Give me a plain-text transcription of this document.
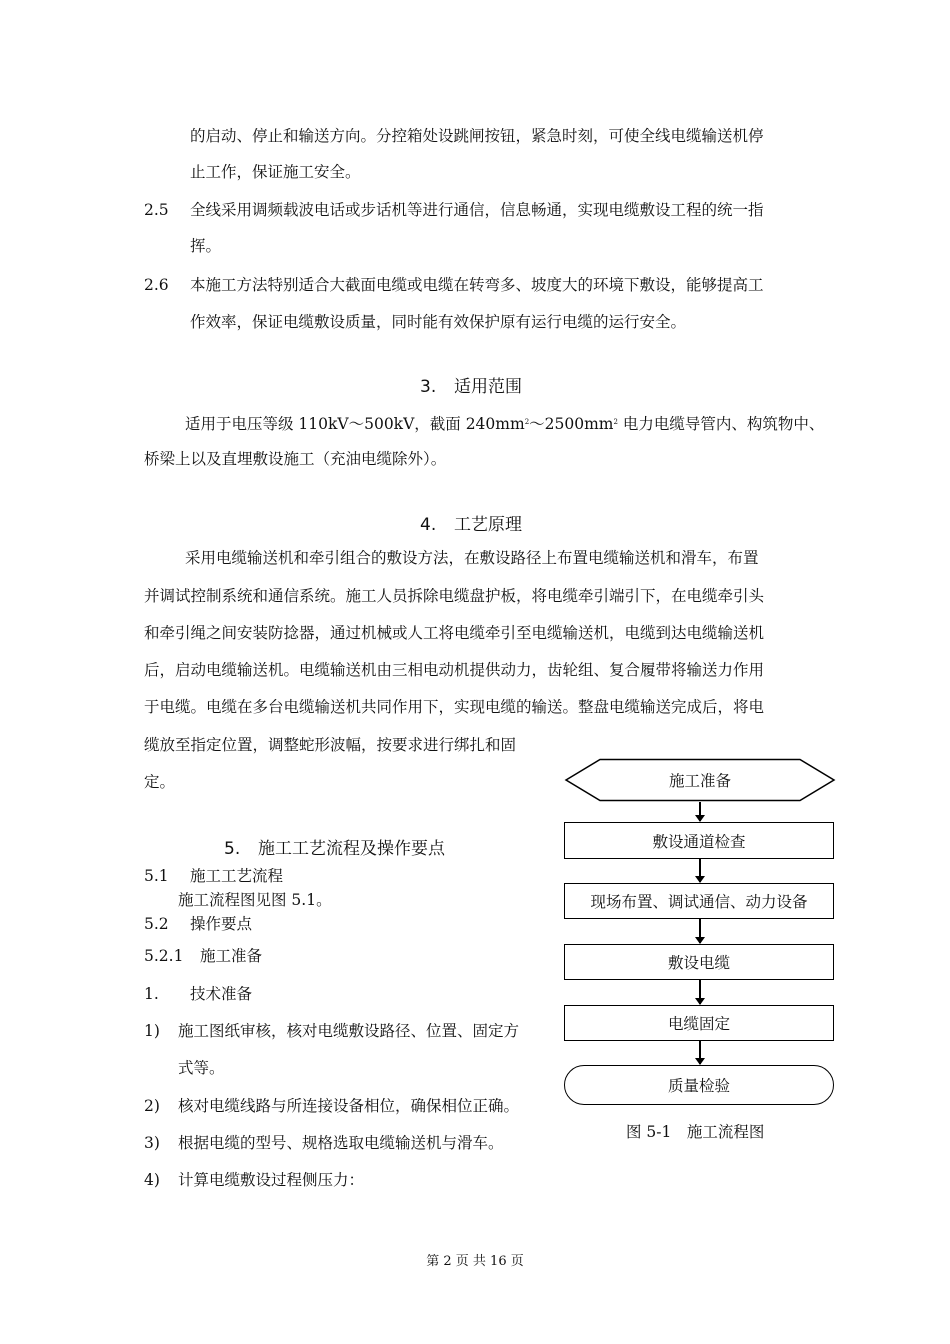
的启动、停止和输送方向。分控箱处设跳闸按钮，紧急时刻，可使全线电缆输送机停
止工作，保证施工安全。
2.5 全线采用调频载波电话或步话机等进行通信，信息畅通，实现电缆敷设工程的统一指
挥。
2.6 本施工方法特别适合大截面电缆或电缆在转弯多、坡度大的环境下敷设，能够提高工
作效率，保证电缆敷设质量，同时能有效保护原有运行电缆的运行安全。
3. 适用范围
适用于电压等级 110kV～500kV，截面 $240mm^2\sim 2500mm^2$ 电力电缆导管内、构筑物中、
桥梁上以及直埋敷设施工（充油电缆除外）。
4. 工艺原理
采用电缆输送机和牵引组合的敷设方法，在敷设路径上布置电缆输送机和滑车，布置
并调试控制系统和通信系统。施工人员拆除电缆盘护板，将电缆牵引端引下，在电缆牵引头
和牵引绳之间安装防捻器，通过机械或人工将电缆牵引至电缆输送机，电缆到达电缆输送机
后，启动电缆输送机。电缆输送机由三相电动机提供动力，齿轮组、复合履带将输送力作用
于电缆。电缆在多台电缆输送机共同作用下，实现电缆的输送。整盘电缆输送完成后，将电
缆放至指定位置，调整蛇形波幅，按要求进行绑扎和固
定。
5. 施工工艺流程及操作要点
5.1 施工工艺流程
施工流程图见图 5.1。
5.2 操作要点
5.2.1 施工准备
1. 技术准备
1) 施工图纸审核，核对电缆敷设路径、位置、固定方
式等。
2) 核对电缆线路与所连接设备相位，确保相位正确。
3) 根据电缆的型号、规格选取电缆输送机与滑车。
4) 计算电缆敷设过程侧压力：
施工准备
敷设通道检查
现场布置、调试通信、动力设备
敷设电缆
电缆固定
质量检验
图 5-1　施工流程图
第 2 页 共 16 页
